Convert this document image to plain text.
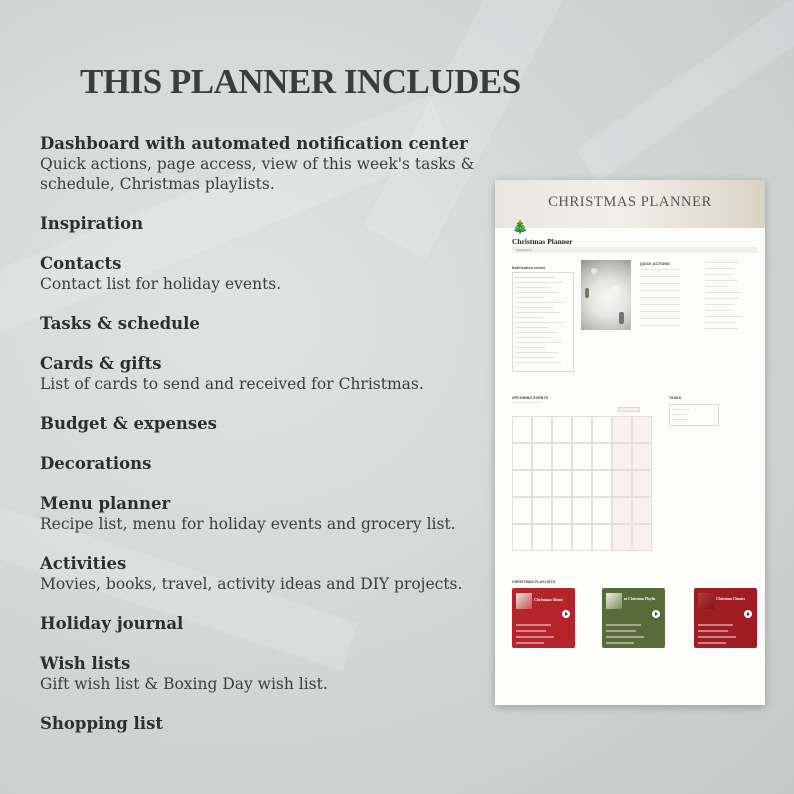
THIS PLANNER INCLUDES
Dashboard with automated notification center
Quick actions, page access, view of this week's tasks & schedule, Christmas playlists.
Inspiration
Contacts
Contact list for holiday events.
Tasks & schedule
Cards & gifts
List of cards to send and received for Christmas.
Budget & expenses
Decorations
Menu planner
Recipe list, menu for holiday events and grocery list.
Activities
Movies, books, travel, activity ideas and DIY projects.
Holiday journal
Wish lists
Gift wish list & Boxing Day wish list.
Shopping list
CHRISTMAS PLANNER
🎄
Christmas Planner
Instructions
Notification center
QUICK ACTIONS
UPCOMING EVENTS	TASKS
CHRISTMAS PLAYLISTS
Christmas Music	ut Christmas Playlis	Christmas Classics
